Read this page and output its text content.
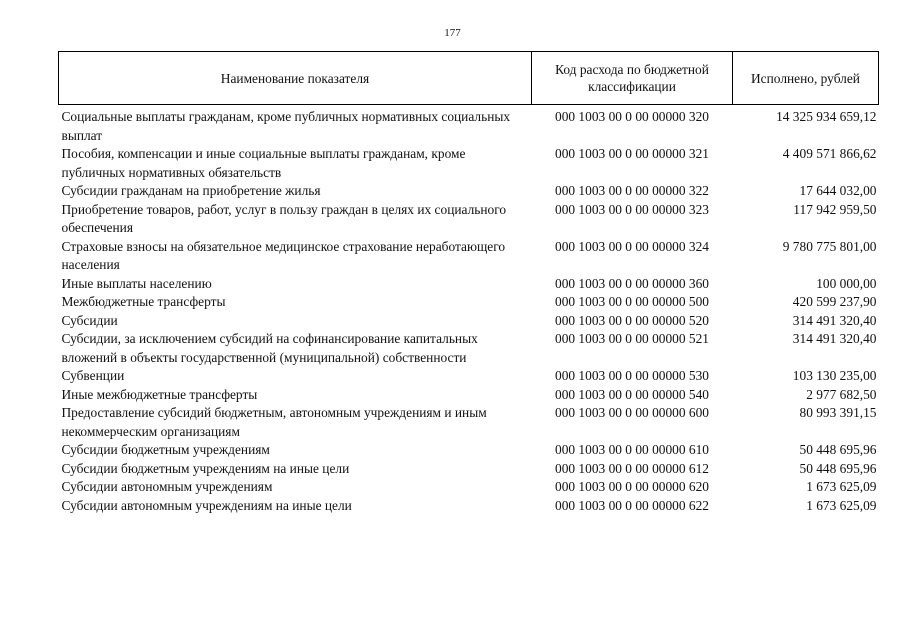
177
Наименование показателя	Код расхода по бюджетной классификации	Исполнено, рублей
Социальные выплаты гражданам, кроме публичных нормативных социальных выплат	000 1003 00 0 00 00000 320	14 325 934 659,12
Пособия, компенсации и иные социальные выплаты гражданам, кроме публичных нормативных обязательств	000 1003 00 0 00 00000 321	4 409 571 866,62
Субсидии гражданам на приобретение жилья	000 1003 00 0 00 00000 322	17 644 032,00
Приобретение товаров, работ, услуг в пользу граждан в целях их социального обеспечения	000 1003 00 0 00 00000 323	117 942 959,50
Страховые взносы на обязательное медицинское страхование неработающего населения	000 1003 00 0 00 00000 324	9 780 775 801,00
Иные выплаты населению	000 1003 00 0 00 00000 360	100 000,00
Межбюджетные трансферты	000 1003 00 0 00 00000 500	420 599 237,90
Субсидии	000 1003 00 0 00 00000 520	314 491 320,40
Субсидии, за исключением субсидий на софинансирование капитальных вложений в объекты государственной (муниципальной) собственности	000 1003 00 0 00 00000 521	314 491 320,40
Субвенции	000 1003 00 0 00 00000 530	103 130 235,00
Иные межбюджетные трансферты	000 1003 00 0 00 00000 540	2 977 682,50
Предоставление субсидий бюджетным, автономным учреждениям и иным некоммерческим организациям	000 1003 00 0 00 00000 600	80 993 391,15
Субсидии бюджетным учреждениям	000 1003 00 0 00 00000 610	50 448 695,96
Субсидии бюджетным учреждениям на иные цели	000 1003 00 0 00 00000 612	50 448 695,96
Субсидии автономным учреждениям	000 1003 00 0 00 00000 620	1 673 625,09
Субсидии автономным учреждениям на иные цели	000 1003 00 0 00 00000 622	1 673 625,09
